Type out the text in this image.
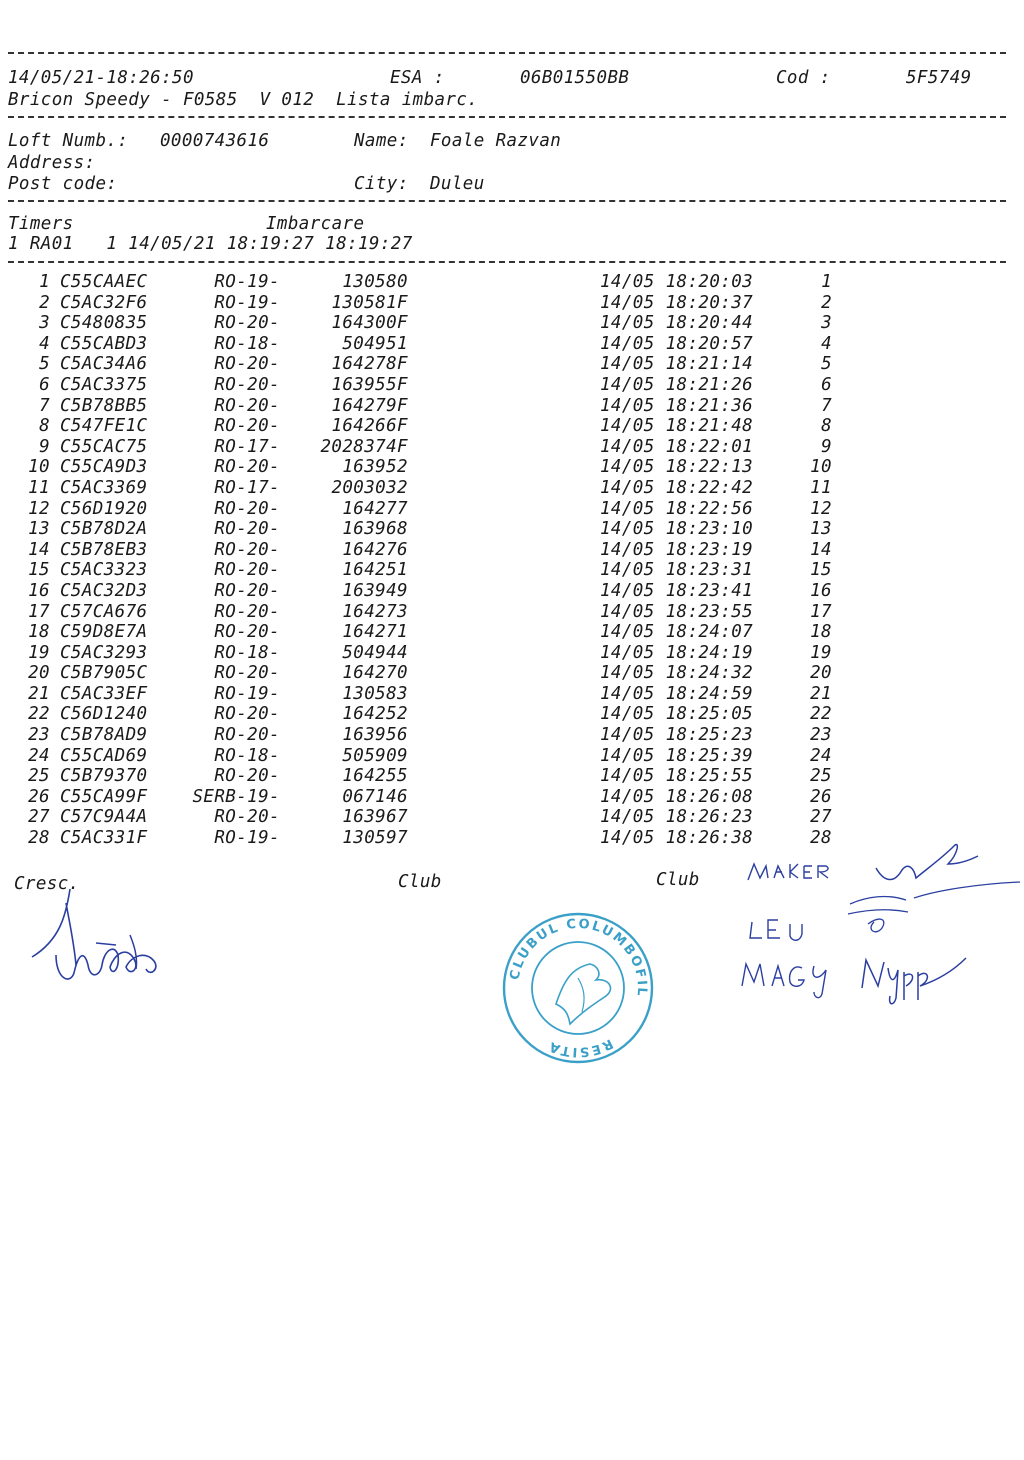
14/05/21-18:26:50	ESA :	06B01550BB	Cod :	5F5749
Bricon Speedy - F0585  V 012  Lista imbarc.
Loft Numb.: 0000743616	Name: Foale Razvan
Address:
Post code:	City: Duleu
Timers	Imbarcare
1 RA01   1 14/05/21 18:19:27 18:19:27
1 C55CAAEC	RO-19-	130580	14/05 18:20:03	1
2 C5AC32F6	RO-19-	130581F	14/05 18:20:37	2
3 C5480835	RO-20-	164300F	14/05 18:20:44	3
4 C55CABD3	RO-18-	504951	14/05 18:20:57	4
5 C5AC34A6	RO-20-	164278F	14/05 18:21:14	5
6 C5AC3375	RO-20-	163955F	14/05 18:21:26	6
7 C5B78BB5	RO-20-	164279F	14/05 18:21:36	7
8 C547FE1C	RO-20-	164266F	14/05 18:21:48	8
9 C55CAC75	RO-17-	2028374F	14/05 18:22:01	9
10 C55CA9D3	RO-20-	163952	14/05 18:22:13	10
11 C5AC3369	RO-17-	2003032	14/05 18:22:42	11
12 C56D1920	RO-20-	164277	14/05 18:22:56	12
13 C5B78D2A	RO-20-	163968	14/05 18:23:10	13
14 C5B78EB3	RO-20-	164276	14/05 18:23:19	14
15 C5AC3323	RO-20-	164251	14/05 18:23:31	15
16 C5AC32D3	RO-20-	163949	14/05 18:23:41	16
17 C57CA676	RO-20-	164273	14/05 18:23:55	17
18 C59D8E7A	RO-20-	164271	14/05 18:24:07	18
19 C5AC3293	RO-18-	504944	14/05 18:24:19	19
20 C5B7905C	RO-20-	164270	14/05 18:24:32	20
21 C5AC33EF	RO-19-	130583	14/05 18:24:59	21
22 C56D1240	RO-20-	164252	14/05 18:25:05	22
23 C5B78AD9	RO-20-	163956	14/05 18:25:23	23
24 C55CAD69	RO-18-	505909	14/05 18:25:39	24
25 C5B79370	RO-20-	164255	14/05 18:25:55	25
26 C55CA99F	SERB-19-	067146	14/05 18:26:08	26
27 C57C9A4A	RO-20-	163967	14/05 18:26:23	27
28 C5AC331F	RO-19-	130597	14/05 18:26:38	28
Cresc.	Club	Club
CLUBUL COLUMBOFIL
RESITA
